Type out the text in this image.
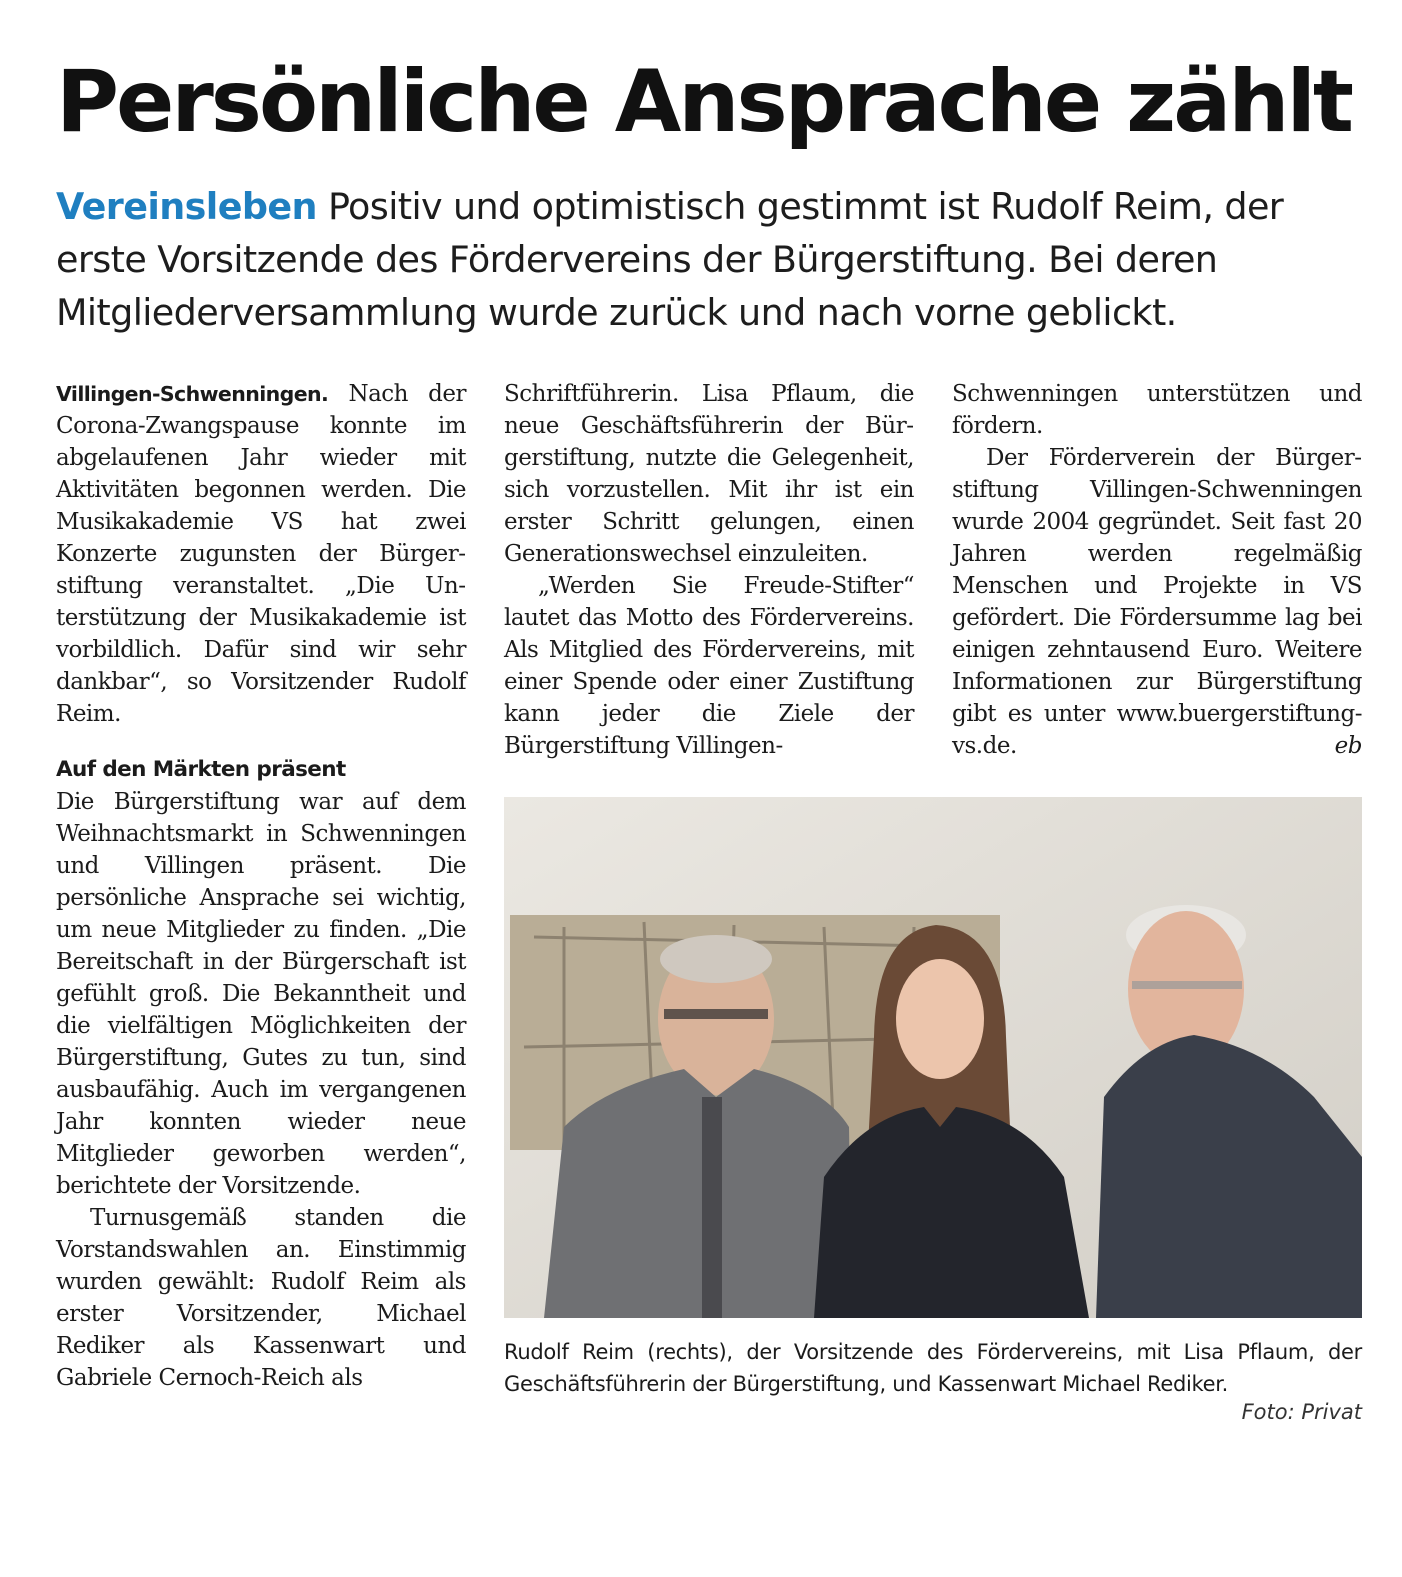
Persönliche Ansprache zählt

Vereinsleben Positiv und optimistisch gestimmt ist Rudolf Reim, der erste Vorsitzende des Fördervereins der Bürgerstiftung. Bei deren Mitgliederversammlung wurde zurück und nach vorne geblickt.

Villingen-Schwenningen. Nach der Corona-Zwangspause konnte im abgelaufenen Jahr wieder mit Aktivitäten begonnen werden. Die Musikakademie VS hat zwei Konzerte zugunsten der Bürgerstiftung veranstaltet. „Die Unterstützung der Musikakademie ist vorbildlich. Dafür sind wir sehr dankbar“, so Vorsitzender Rudolf Reim.

Auf den Märkten präsent

Die Bürgerstiftung war auf dem Weihnachtsmarkt in Schwenningen und Villingen präsent. Die persönliche Ansprache sei wichtig, um neue Mitglieder zu finden. „Die Bereitschaft in der Bürgerschaft ist gefühlt groß. Die Bekanntheit und die vielfältigen Möglichkeiten der Bürgerstiftung, Gutes zu tun, sind ausbaufähig. Auch im vergangenen Jahr konnten wieder neue Mitglieder geworben werden“, berichtete der Vorsitzende.

Turnusgemäß standen die Vorstandswahlen an. Einstimmig wurden gewählt: Rudolf Reim als erster Vorsitzender, Michael Rediker als Kassenwart und Gabriele Cernoch-Reich als

Schriftführerin. Lisa Pflaum, die neue Geschäftsführerin der Bürgerstiftung, nutzte die Gelegenheit, sich vorzustellen. Mit ihr ist ein erster Schritt gelungen, einen Generationswechsel einzuleiten.

„Werden Sie Freude-Stifter“ lautet das Motto des Fördervereins. Als Mitglied des Fördervereins, mit einer Spende oder einer Zustiftung kann jeder die Ziele der Bürgerstiftung Villingen-

Schwenningen unterstützen und fördern.

Der Förderverein der Bürgerstiftung Villingen-Schwenningen wurde 2004 gegründet. Seit fast 20 Jahren werden regelmäßig Menschen und Projekte in VS gefördert. Die Fördersumme lag bei einigen zehntausend Euro. Weitere Informationen zur Bürgerstiftung gibt es unter www.buergerstiftung-vs.de.	eb

Rudolf Reim (rechts), der Vorsitzende des Fördervereins, mit Lisa Pflaum, der Geschäftsführerin der Bürgerstiftung, und Kassenwart Michael Rediker.

Foto: Privat
